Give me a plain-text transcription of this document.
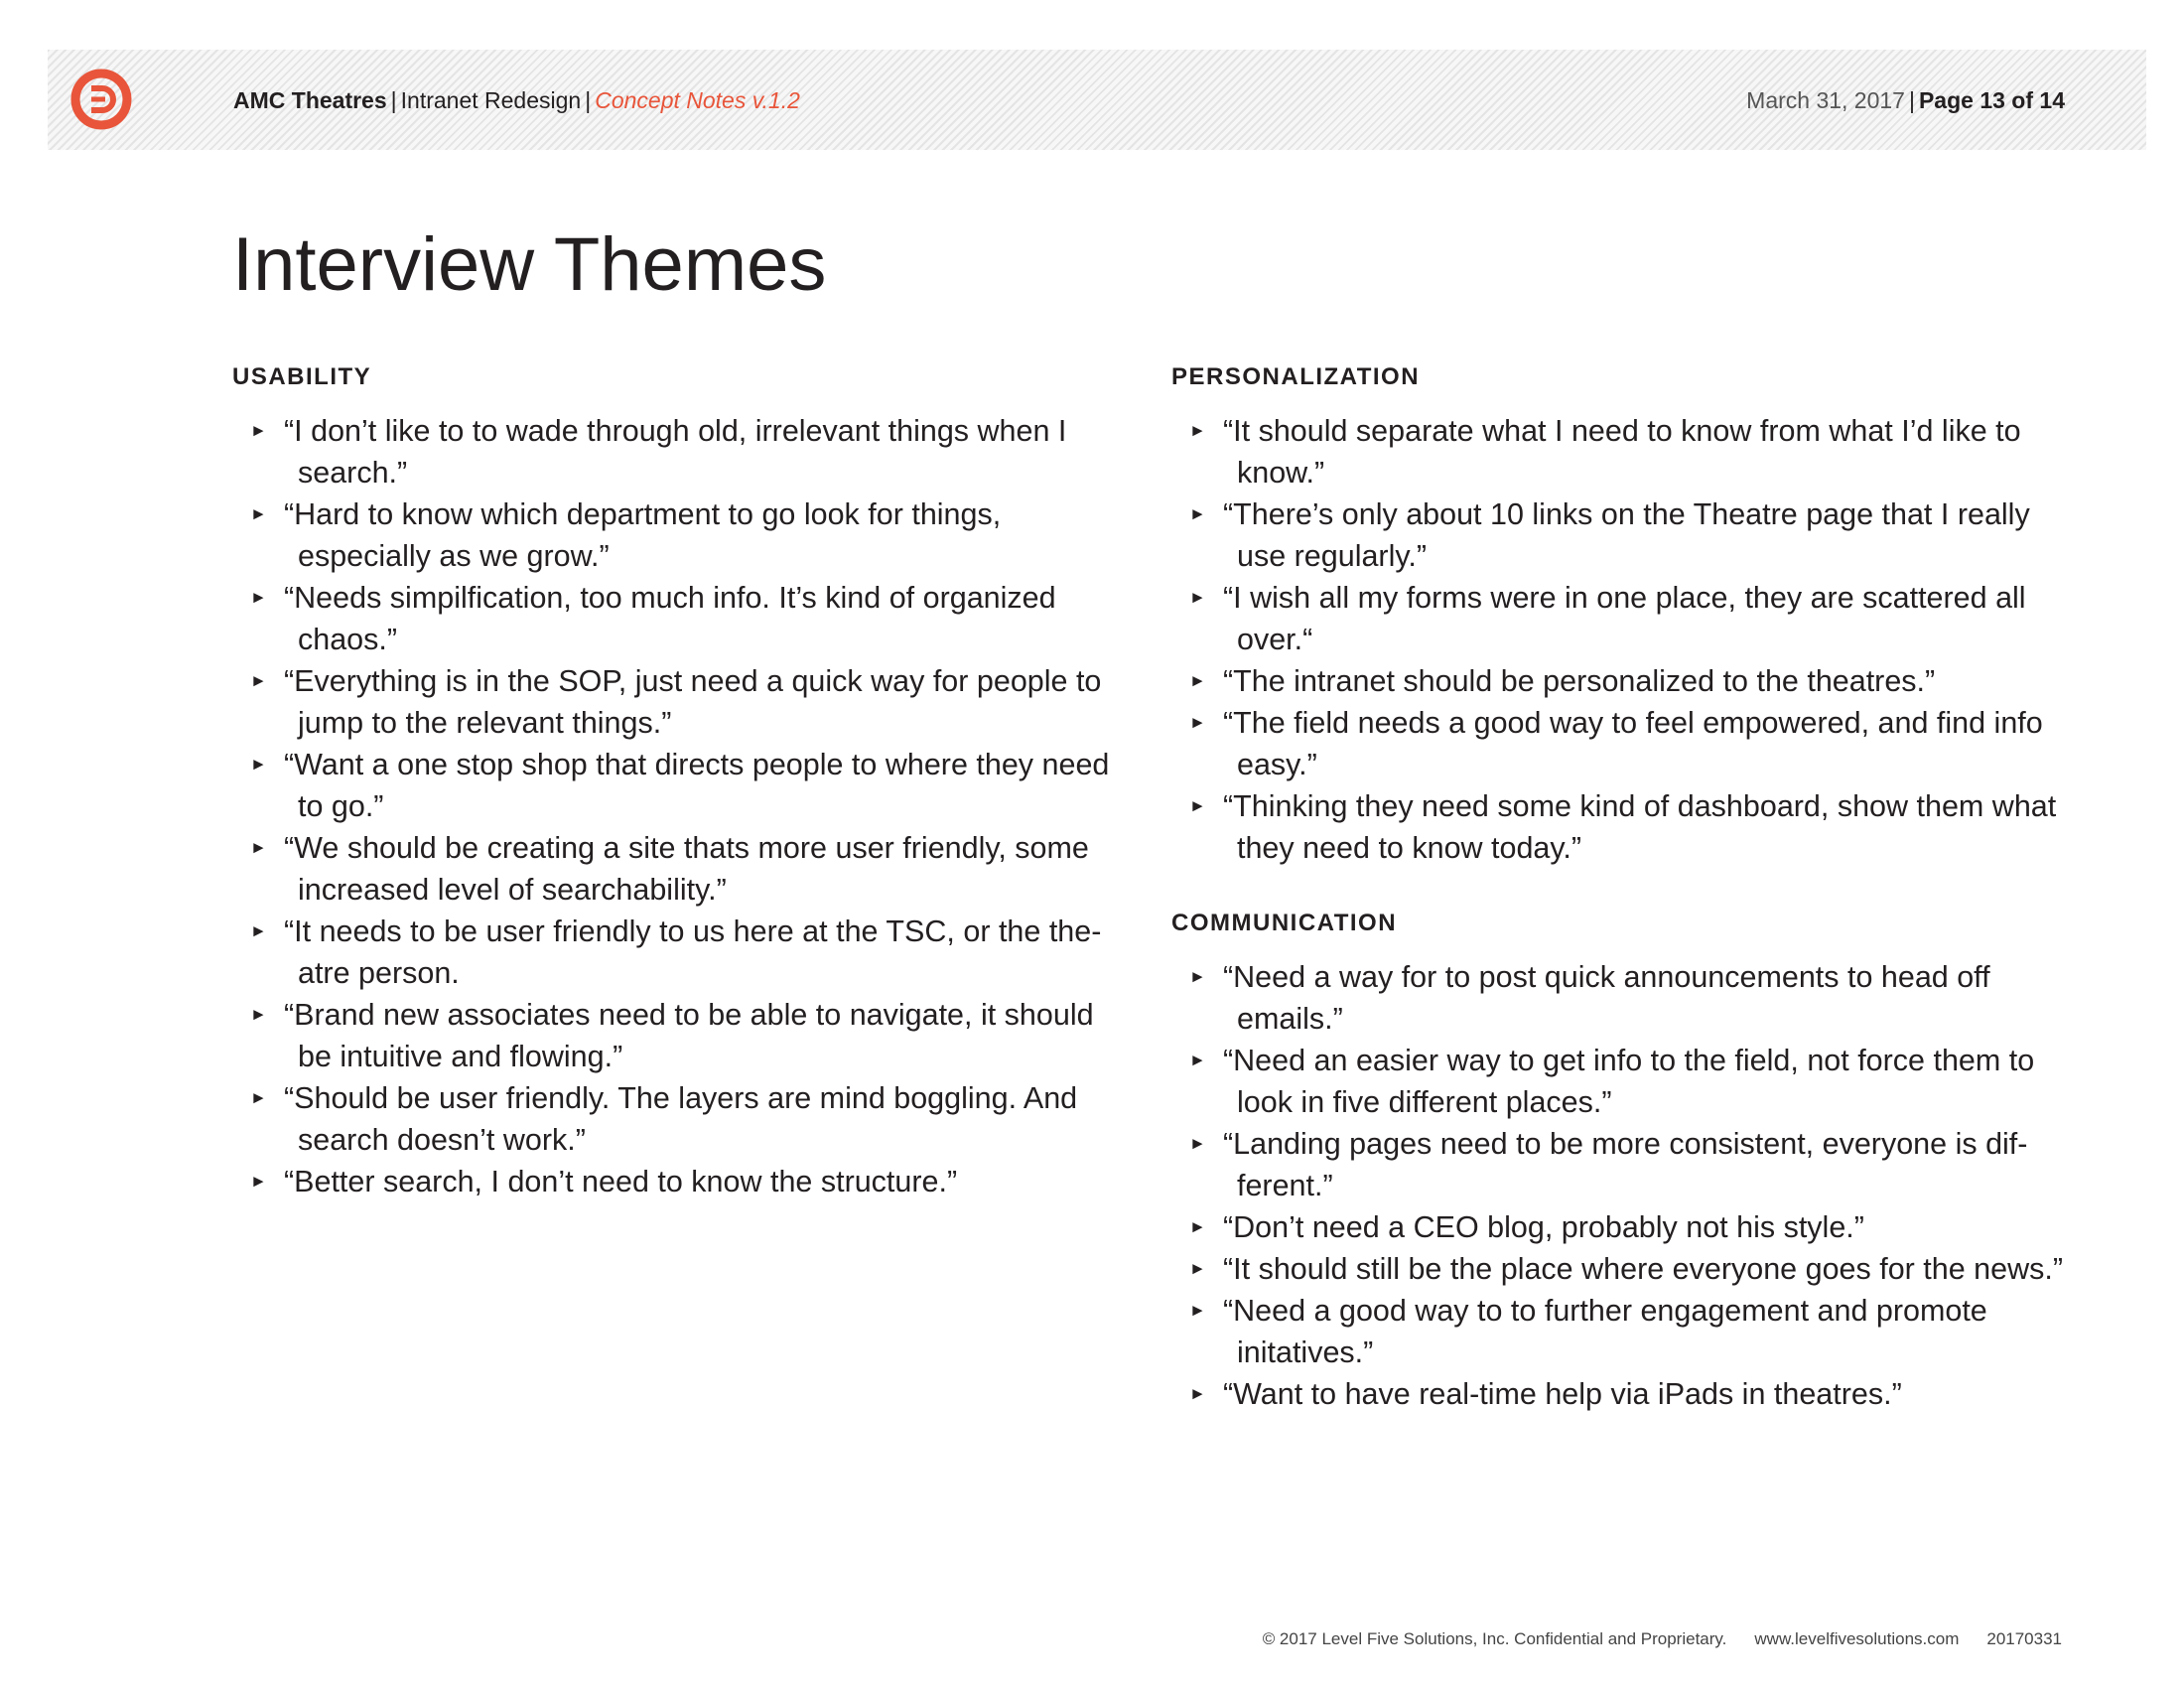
AMC Theatres | Intranet Redesign | Concept Notes v.1.2	March 31, 2017 | Page 13 of 14
Interview Themes
USABILITY
► “I don’t like to to wade through old, irrelevant things when I search.”
► “Hard to know which department to go look for things, especially as we grow.”
► “Needs simpilfication, too much info. It’s kind of organized chaos.”
► “Everything is in the SOP, just need a quick way for people to jump to the relevant things.”
► “Want a one stop shop that directs people to where they need to go.”
► “We should be creating a site thats more user friendly, some increased level of searchability.”
► “It needs to be user friendly to us here at the TSC, or the the-atre person.
► “Brand new associates need to be able to navigate, it should be intuitive and flowing.”
► “Should be user friendly. The layers are mind boggling. And search doesn’t work.”
► “Better search, I don’t need to know the structure.”
PERSONALIZATION
► “It should separate what I need to know from what I’d like to know.”
► “There’s only about 10 links on the Theatre page that I really use regularly.”
► “I wish all my forms were in one place, they are scattered all over.“
► “The intranet should be personalized to the theatres.”
► “The field needs a good way to feel empowered, and find info easy.”
► “Thinking they need some kind of dashboard, show them what they need to know today.”
COMMUNICATION
► “Need a way for to post quick announcements to head off emails.”
► “Need an easier way to get info to the field, not force them to look in five different places.”
► “Landing pages need to be more consistent, everyone is dif-ferent.”
► “Don’t need a CEO blog, probably not his style.”
► “It should still be the place where everyone goes for the news.”
► “Need a good way to to further engagement and promote initatives.”
► “Want to have real-time help via iPads in theatres.”
© 2017 Level Five Solutions, Inc. Confidential and Proprietary. www.levelfivesolutions.com 20170331
